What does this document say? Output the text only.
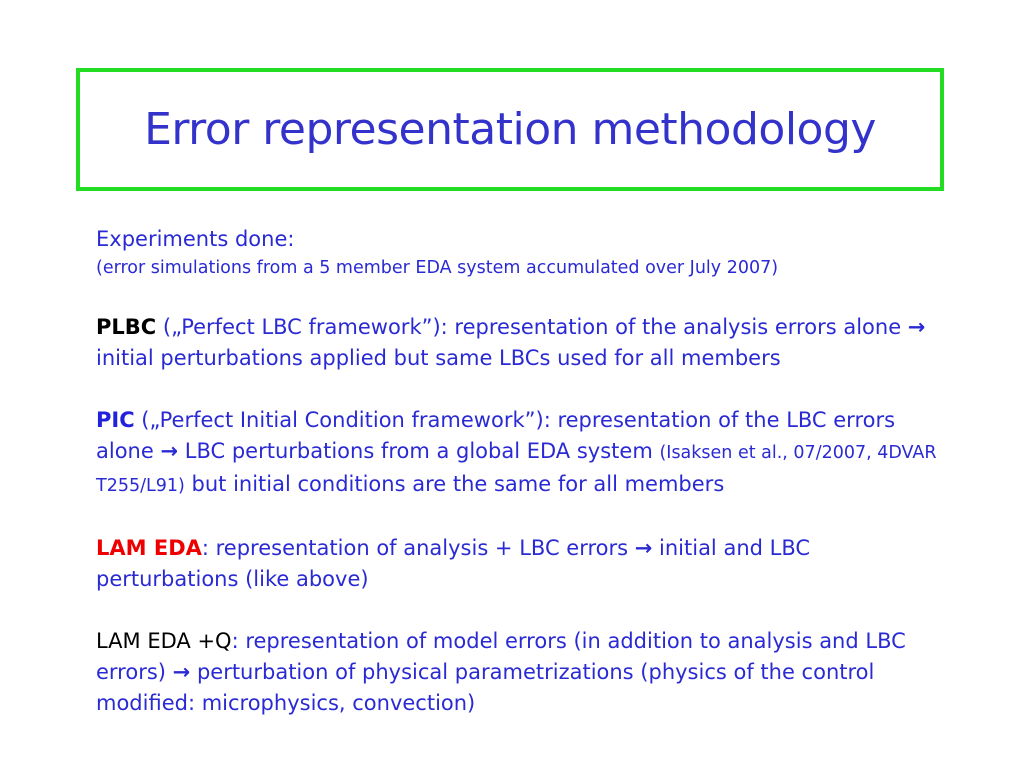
Error representation methodology
Experiments done:
(error simulations from a 5 member EDA system accumulated over July 2007)
PLBC („Perfect LBC framework”): representation of the analysis errors alone → initial perturbations applied but same LBCs used for all members
PIC („Perfect Initial Condition framework”): representation of the LBC errors alone → LBC perturbations from a global EDA system (Isaksen et al., 07/2007, 4DVAR T255/L91) but initial conditions are the same for all members
LAM EDA: representation of analysis + LBC errors → initial and LBC perturbations (like above)
LAM EDA +Q: representation of model errors (in addition to analysis and LBC errors) → perturbation of physical parametrizations (physics of the control modified: microphysics, convection)
